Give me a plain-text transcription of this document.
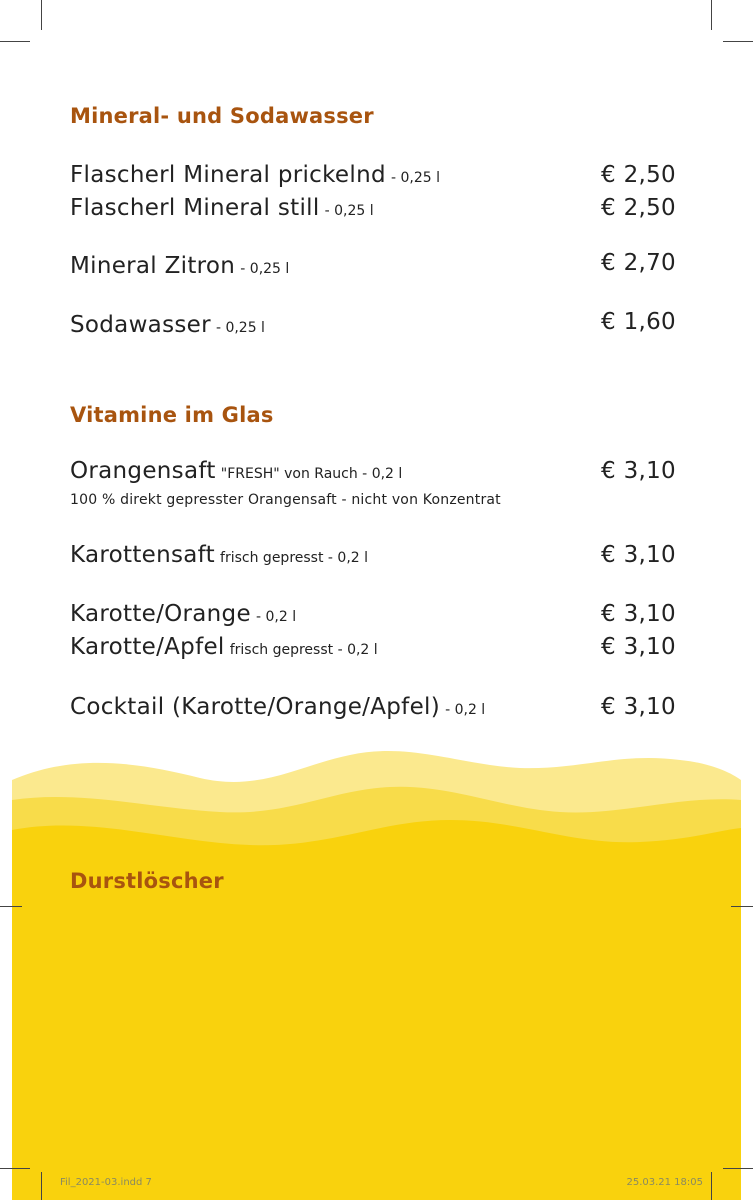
Mineral- und Sodawasser
Flascherl Mineral prickelnd - 0,25 l	€ 2,50
Flascherl Mineral still - 0,25 l	€ 2,50
Mineral Zitron - 0,25 l	€ 2,70
Sodawasser - 0,25 l	€ 1,60
Vitamine im Glas
Orangensaft "FRESH" von Rauch - 0,2 l	€ 3,10
100 % direkt gepresster Orangensaft - nicht von Konzentrat
Karottensaft frisch gepresst - 0,2 l	€ 3,10
Karotte/Orange - 0,2 l	€ 3,10
Karotte/Apfel frisch gepresst - 0,2 l	€ 3,10
Cocktail (Karotte/Orange/Apfel) - 0,2 l	€ 3,10
Durstlöscher
Fil_2021-03.indd 7	25.03.21 18:05
